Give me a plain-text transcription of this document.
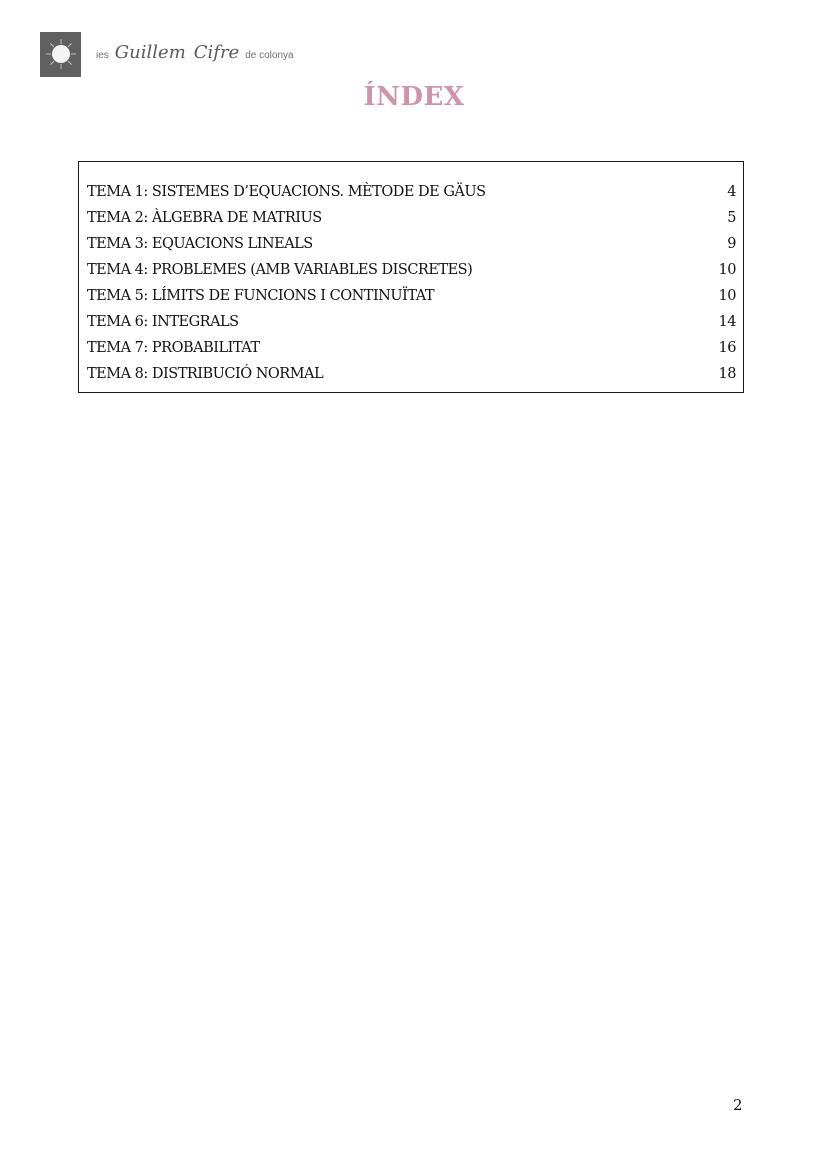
ies Guillem Cifre de colonya
ÍNDEX
TEMA 1: SISTEMES D’EQUACIONS. MÈTODE DE GÄUS	4
TEMA 2: ÀLGEBRA DE MATRIUS	5
TEMA 3: EQUACIONS LINEALS	9
TEMA 4: PROBLEMES (AMB VARIABLES DISCRETES)	10
TEMA 5: LÍMITS DE FUNCIONS I CONTINUÏTAT	10
TEMA 6: INTEGRALS	14
TEMA 7: PROBABILITAT	16
TEMA 8: DISTRIBUCIÓ NORMAL	18
2
